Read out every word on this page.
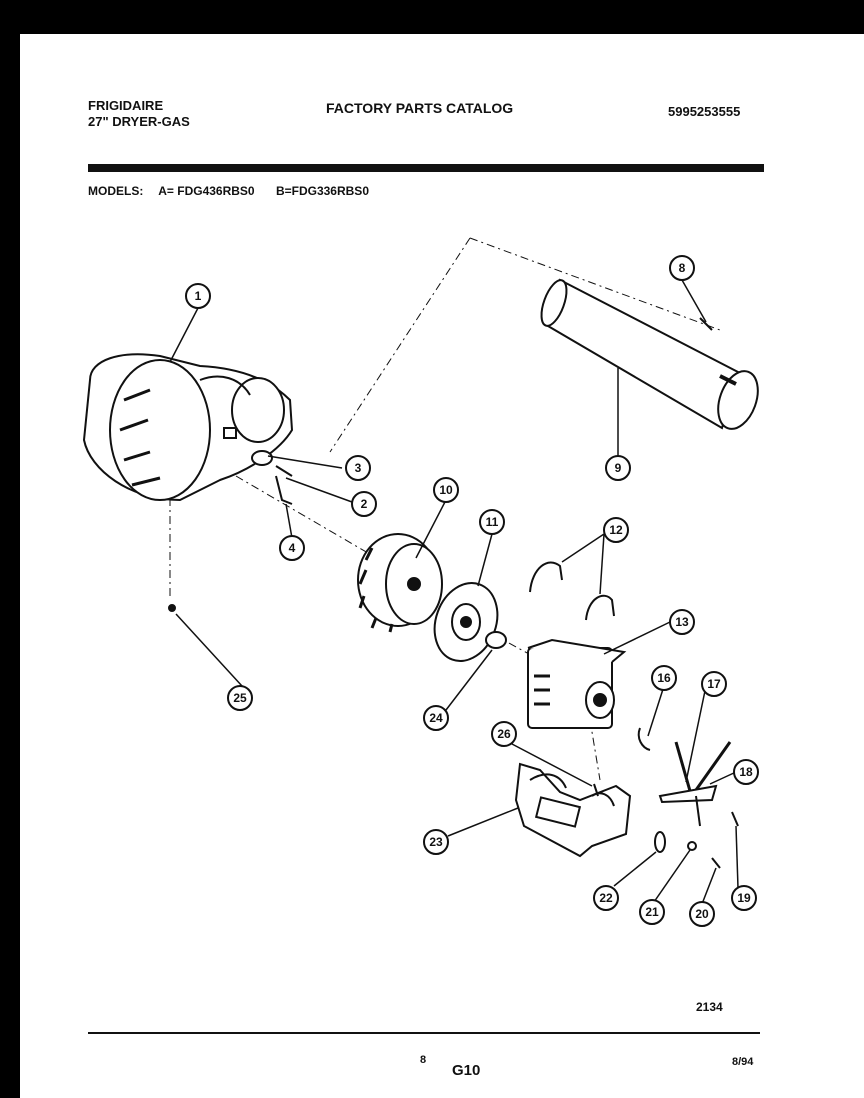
FRIGIDAIRE
27" DRYER-GAS
FACTORY PARTS CATALOG	5995253555
MODELS: A= FDG436RBS0 B=FDG336RBS0
1
2
3
4
8
9
10
11
12
13
16	17
18
19
20
21
22
23
24
25
26
2134
8
G10	8/94
